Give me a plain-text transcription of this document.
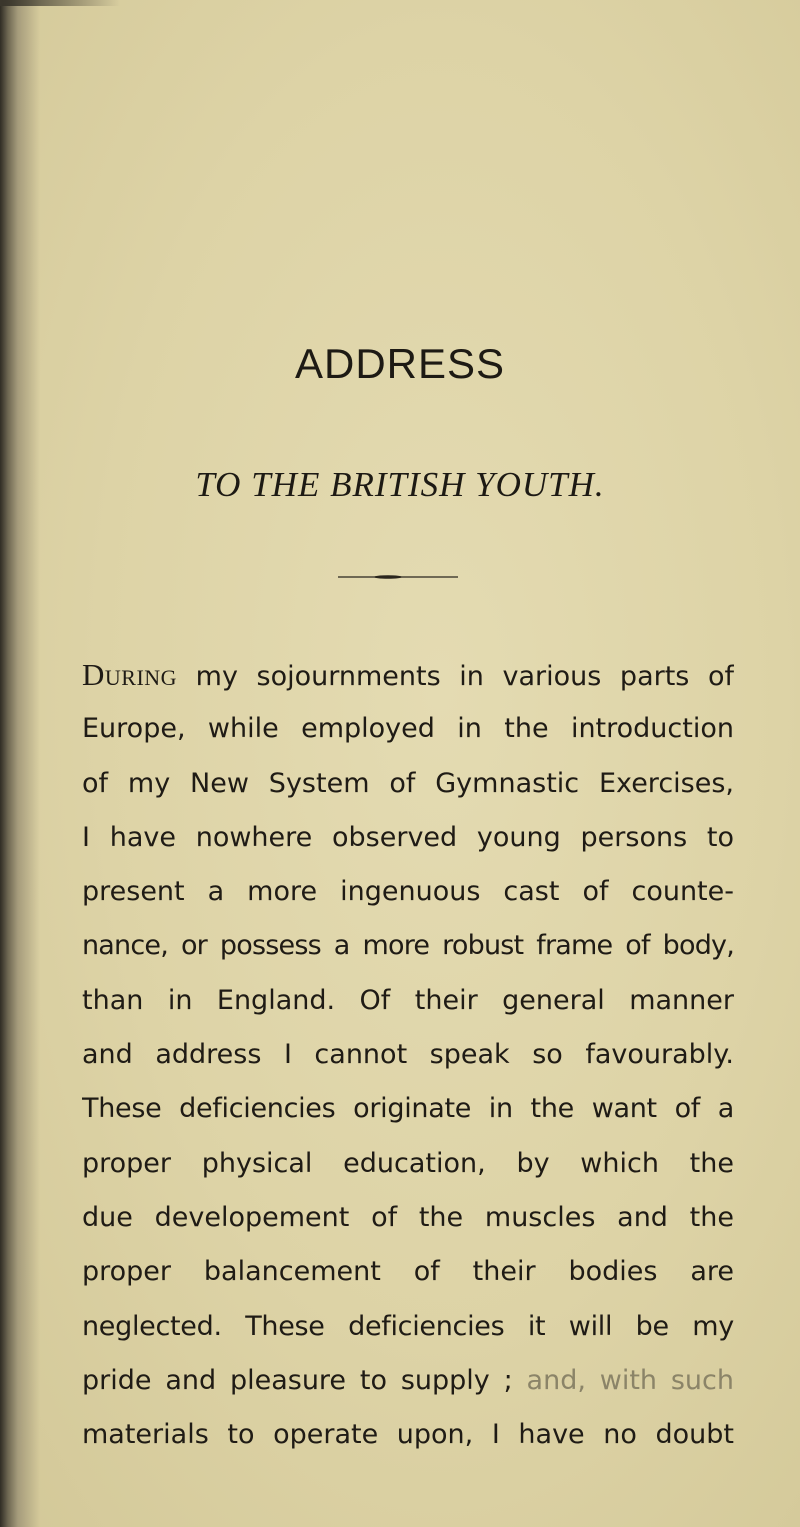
ADDRESS
TO THE BRITISH YOUTH.
During my sojournments in various parts of
Europe, while employed in the introduction
of my New System of Gymnastic Exercises,
I have nowhere observed young persons to
present a more ingenuous cast of counte-
nance, or possess a more robust frame of body,
than in England. Of their general manner
and address I cannot speak so favourably.
These deficiencies originate in the want of a
proper physical education, by which the
due developement of the muscles and the
proper balancement of their bodies are
neglected. These deficiencies it will be my
pride and pleasure to supply ; and, with such
materials to operate upon, I have no doubt
